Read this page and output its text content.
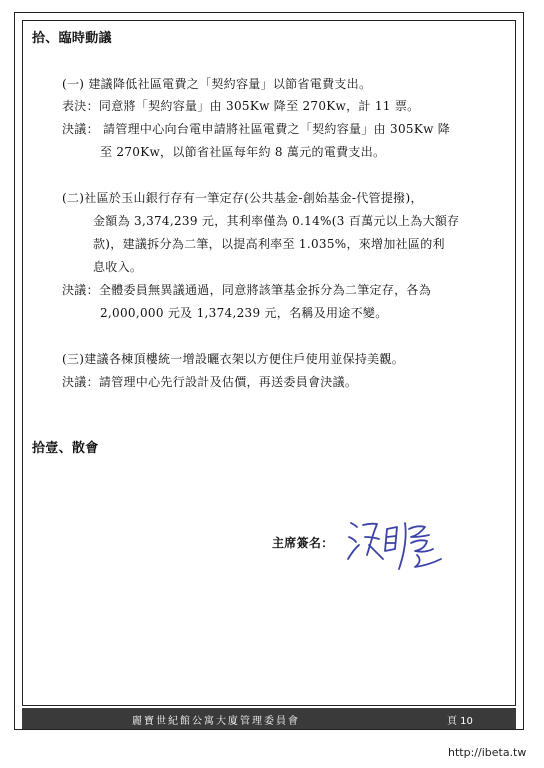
拾、臨時動議
(一) 建議降低社區電費之「契約容量」以節省電費支出。
表決：同意將「契約容量」由 305Kw 降至 270Kw，計 11 票。
決議： 請管理中心向台電申請將社區電費之「契約容量」由 305Kw 降
至 270Kw，以節省社區每年約 8 萬元的電費支出。
(二)社區於玉山銀行存有一筆定存(公共基金-創始基金-代管提撥)，
金額為 3,374,239 元，其利率僅為 0.14%(3 百萬元以上為大額存
款)，建議拆分為二筆，以提高利率至 1.035%，來增加社區的利
息收入。
決議：全體委員無異議通過，同意將該筆基金拆分為二筆定存，各為
2,000,000 元及 1,374,239 元，名稱及用途不變。
(三)建議各棟頂樓統一增設曬衣架以方便住戶使用並保持美觀。
決議：請管理中心先行設計及估價，再送委員會決議。
拾壹、散會
主席簽名：
麗寶世紀館公寓大廈管理委員會	頁 10
http://ibeta.tw
